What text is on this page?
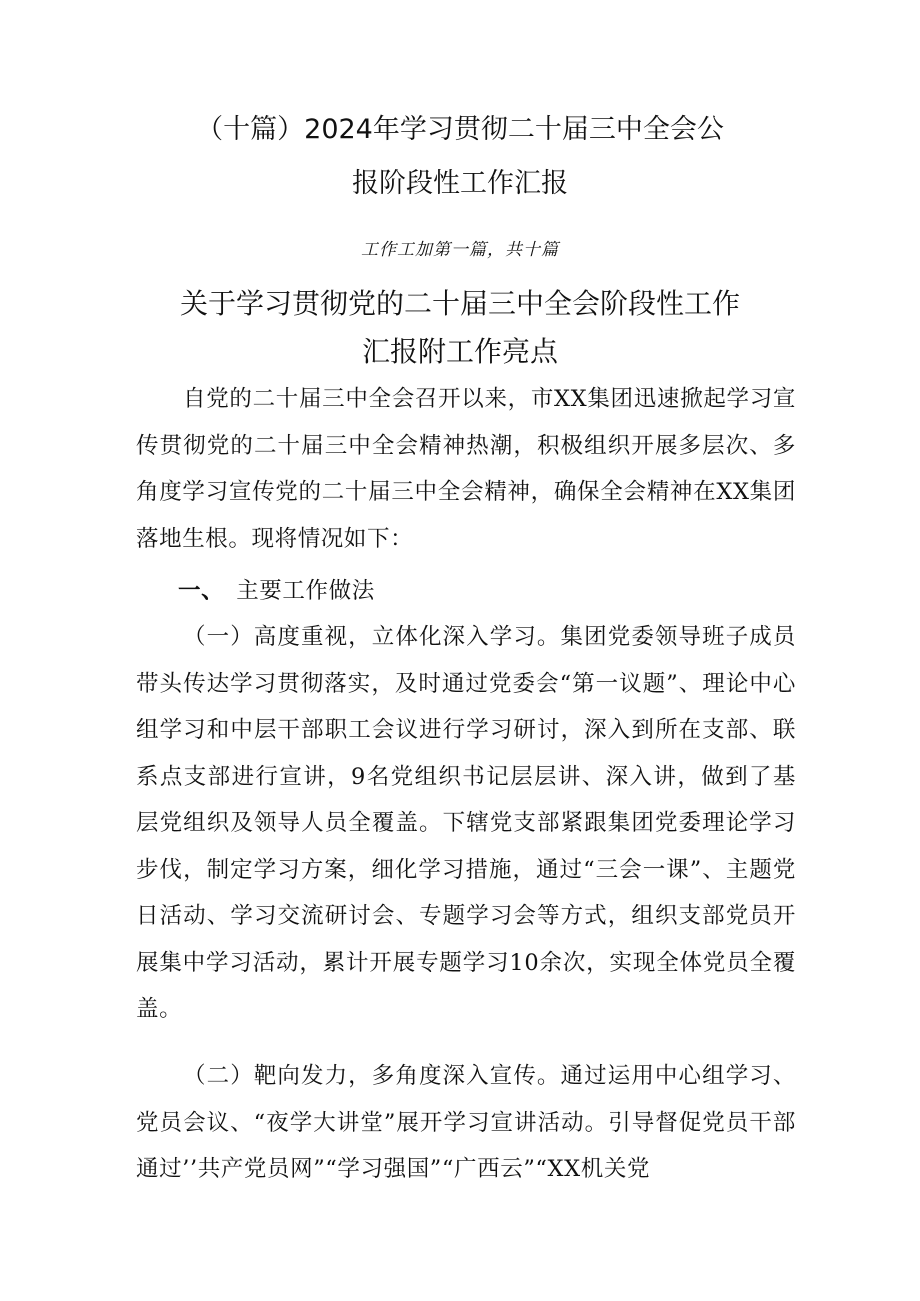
（十篇）2024年学习贯彻二十届三中全会公
报阶段性工作汇报

工作工加第一篇，共十篇

关于学习贯彻党的二十届三中全会阶段性工作
汇报附工作亮点

自党的二十届三中全会召开以来，市XX集团迅速掀起学习宣传贯彻党的二十届三中全会精神热潮，积极组织开展多层次、多角度学习宣传党的二十届三中全会精神，确保全会精神在XX集团落地生根。现将情况如下：

一、 主要工作做法

（一）高度重视，立体化深入学习。集团党委领导班子成员带头传达学习贯彻落实，及时通过党委会“第一议题”、理论中心组学习和中层干部职工会议进行学习研讨，深入到所在支部、联系点支部进行宣讲，9名党组织书记层层讲、深入讲，做到了基层党组织及领导人员全覆盖。下辖党支部紧跟集团党委理论学习步伐，制定学习方案，细化学习措施，通过“三会一课”、主题党日活动、学习交流研讨会、专题学习会等方式，组织支部党员开展集中学习活动，累计开展专题学习10余次，实现全体党员全覆盖。

（二）靶向发力，多角度深入宣传。通过运用中心组学习、党员会议、“夜学大讲堂”展开学习宣讲活动。引导督促党员干部通过’’共产党员网”“学习强国”“广西云”“XX机关党
